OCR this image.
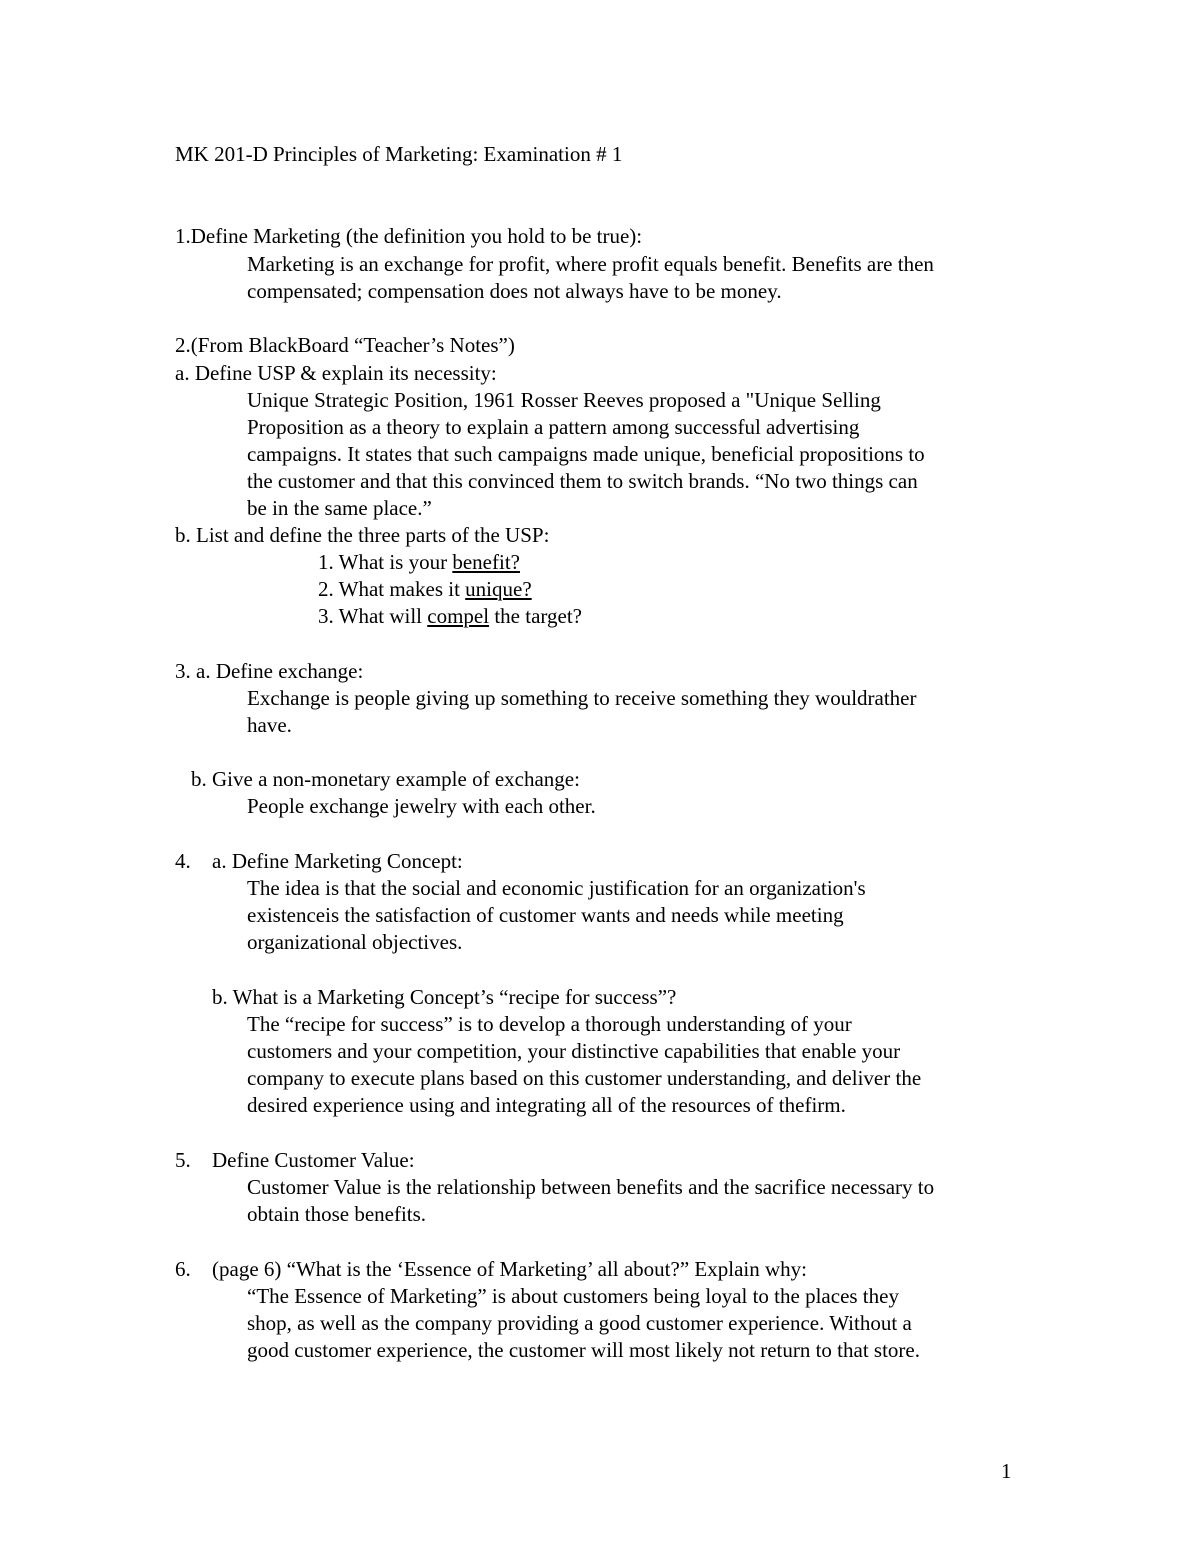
MK 201-D Principles of Marketing: Examination # 1

1.Define Marketing (the definition you hold to be true):

Marketing is an exchange for profit, where profit equals benefit. Benefits are then

compensated; compensation does not always have to be money.

2.(From BlackBoard “Teacher’s Notes”)

a. Define USP & explain its necessity:

Unique Strategic Position, 1961 Rosser Reeves proposed a "Unique Selling

Proposition as a theory to explain a pattern among successful advertising

campaigns. It states that such campaigns made unique, beneficial propositions to

the customer and that this convinced them to switch brands. “No two things can

be in the same place.”

b. List and define the three parts of the USP:

1. What is your benefit?

2. What makes it unique?

3. What will compel the target?

3. a. Define exchange:

Exchange is people giving up something to receive something they wouldrather

have.

b. Give a non-monetary example of exchange:

People exchange jewelry with each other.

4. a. Define Marketing Concept:

The idea is that the social and economic justification for an organization's

existenceis the satisfaction of customer wants and needs while meeting

organizational objectives.

b. What is a Marketing Concept’s “recipe for success”?

The “recipe for success” is to develop a thorough understanding of your

customers and your competition, your distinctive capabilities that enable your

company to execute plans based on this customer understanding, and deliver the

desired experience using and integrating all of the resources of thefirm.

5. Define Customer Value:

Customer Value is the relationship between benefits and the sacrifice necessary to

obtain those benefits.

6. (page 6) “What is the ‘Essence of Marketing’ all about?” Explain why:

“The Essence of Marketing” is about customers being loyal to the places they

shop, as well as the company providing a good customer experience. Without a

good customer experience, the customer will most likely not return to that store.

1
